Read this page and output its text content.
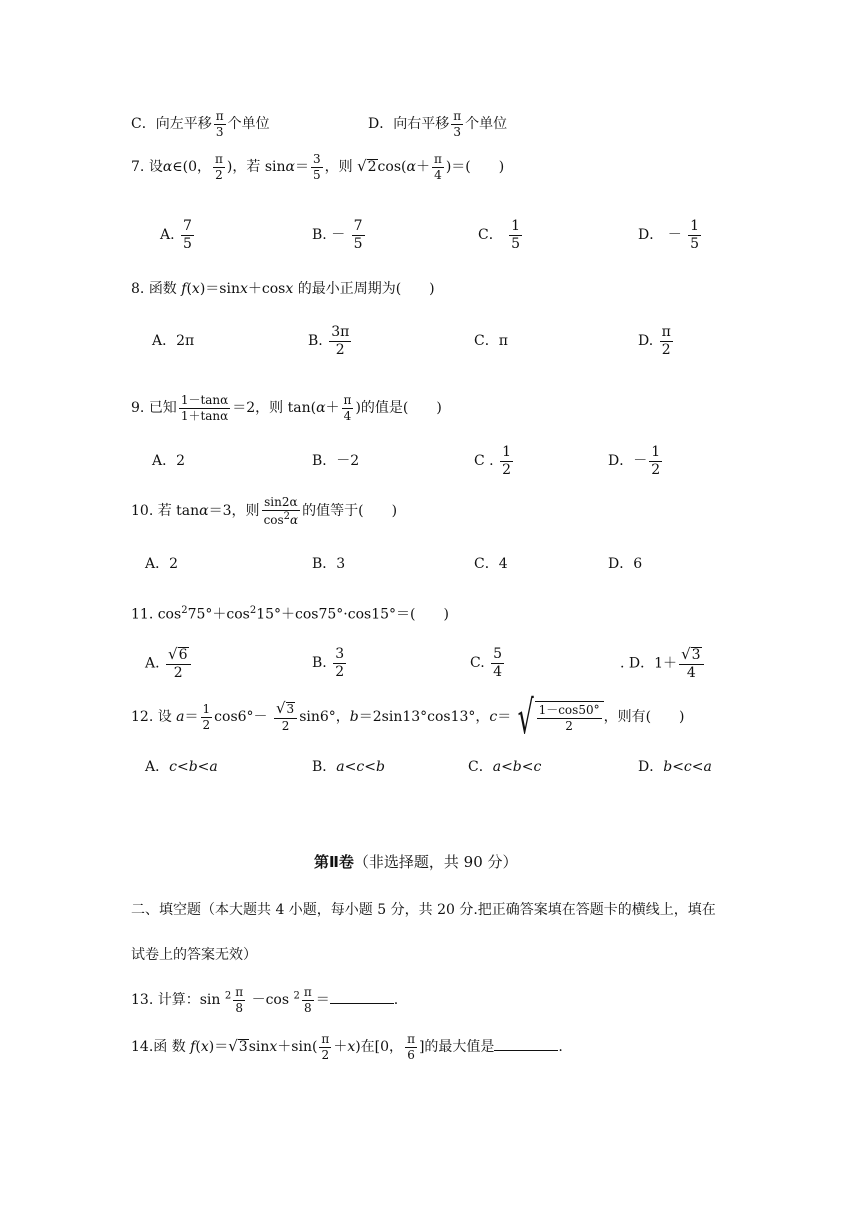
C．向左平移 $\frac{\pi}{3}$ 个单位	D．向右平移 $\frac{\pi}{3}$ 个单位
7. 设α∈(0， $\frac{\pi}{2}$ )，若 $\sin\alpha= \frac{3}{5}$ ，则 $√2\cos(\alpha+ \frac{\pi}{4}$ )＝(　　)
A. $\frac{7}{5}$	B. － $\frac{7}{5}$	C． $\frac{1}{5}$	D． － $\frac{1}{5}$
8. 函数 f(x)＝sinx＋cosx 的最小正周期为(　　)
A．2π	B. $\frac{3\pi}{2}$	C．π	D. $\frac{\pi}{2}$
9. 已知 $\frac{1-\tan\alpha}{1+\tan\alpha} =2$，则 $\tan(\alpha+ \frac{\pi}{4}$ )的值是(　　)
A．2	B．－2	C . $\frac{1}{2}$	D．－ $\frac{1}{2}$
10. 若 tanα＝3，则 $\frac{\sin 2\alpha}{\cos^2\alpha}$ 的值等于(　　)
A．2	B．3	C．4	D．6
11. $\cos^275^\circ+\cos^215^\circ+\cos 75^\circ\cdot\cos 15^\circ=$(　　)
A. $\frac{√6}{2}$	B. $\frac{3}{2}$	C. $\frac{5}{4}$	. D．$1+ \frac{√3}{4}$
12. 设 $a= \frac{1}{2} \cos 6^\circ- \frac{√3}{2} \sin 6^\circ$，b＝2sin13°cos13°，c＝ √ $\frac{1-\cos 50^\circ}{2}$ ，则有(　　)
A．c<b<a	B．a<c<b	C．a<b<c	D．b<c<a
第Ⅱ卷（非选择题，共 90 分）
二、填空题（本大题共 4 小题，每小题 5 分，共 20 分.把正确答案填在答题卡的横线上，填在
试卷上的答案无效）
13. 计算：$\sin ^2 \frac{\pi}{8} -\cos$ $^2 \frac{\pi}{8}$ ＝	.
14.函 数 $f(x)=√3\sin x+\sin( \frac{\pi}{2} +x)$在[0， $\frac{\pi}{6}$ ]的最大值是	.
